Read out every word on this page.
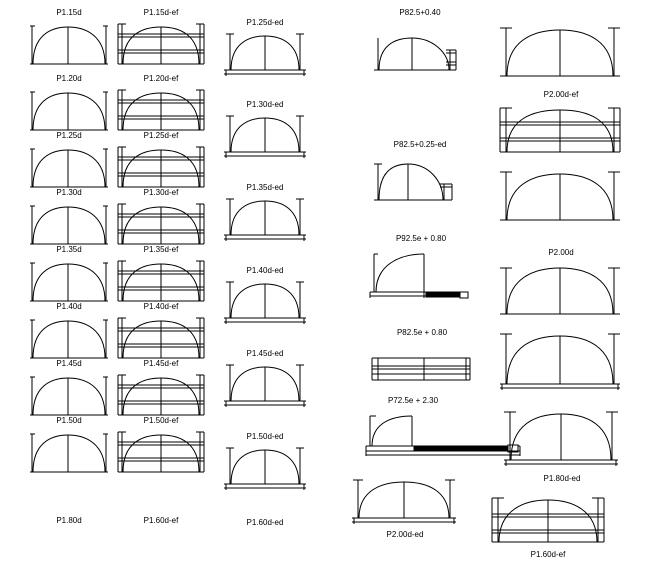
P1.15d
P1.20d
P1.25d
P1.30d
P1.35d
P1.40d
P1.45d
P1.50d
P1.80d
P1.15d-ef
P1.20d-ef
P1.25d-ef
P1.30d-ef
P1.35d-ef
P1.40d-ef
P1.45d-ef
P1.50d-ef
P1.60d-ef
P1.25d-ed
P1.30d-ed
P1.35d-ed
P1.40d-ed
P1.45d-ed
P1.50d-ed
P1.60d-ed
P82.5+0.40
P82.5+0.25-ed
P92.5e + 0.80
P82.5e + 0.80
P72.5e + 2.30
P2.00d-ed
P2.00d-ef
P2.00d
P1.80d-ed
P1.60d-ef
